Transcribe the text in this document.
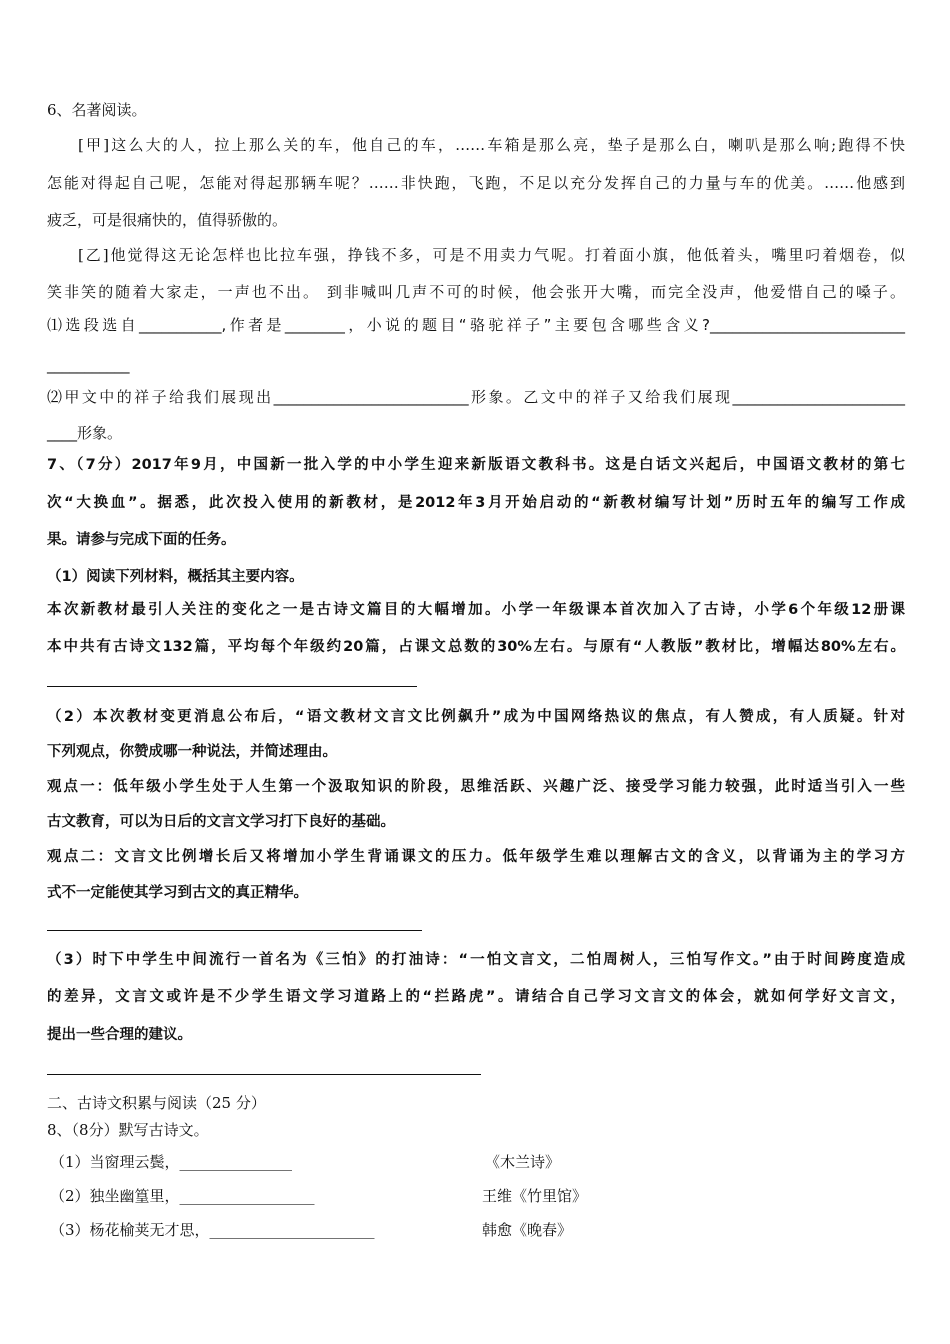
6、名著阅读。
[甲]这么大的人，拉上那么关的车，他自己的车，……车箱是那么亮，垫子是那么白，喇叭是那么响;跑得不快
怎能对得起自己呢，怎能对得起那辆车呢？……非快跑，飞跑，不足以充分发挥自己的力量与车的优美。……他感到
疲乏，可是很痛快的，值得骄傲的。
[乙]他觉得这无论怎样也比拉车强，挣钱不多，可是不用卖力气呢。打着面小旗，他低着头，嘴里叼着烟卷，似
笑非笑的随着大家走，一声也不出。 到非喊叫几声不可的时候，他会张开大嘴，而完全没声，他爱惜自己的嗓子。
⑴选段选自___________,作者是________，小说的题目“骆驼祥子”主要包含哪些含义?__________________________
___________
⑵甲文中的祥子给我们展现出__________________________形象。乙文中的祥子又给我们展现_______________________
____形象。
7、（7分）2017年9月，中国新一批入学的中小学生迎来新版语文教科书。这是白话文兴起后，中国语文教材的第七
次“大换血”。据悉，此次投入使用的新教材，是2012年3月开始启动的“新教材编写计划”历时五年的编写工作成
果。请参与完成下面的任务。
（1）阅读下列材料，概括其主要内容。
本次新教材最引人关注的变化之一是古诗文篇目的大幅增加。小学一年级课本首次加入了古诗，小学6个年级12册课
本中共有古诗文132篇，平均每个年级约20篇，占课文总数的30%左右。与原有“人教版”教材比，增幅达80%左右。
（2）本次教材变更消息公布后，“语文教材文言文比例飙升”成为中国网络热议的焦点，有人赞成，有人质疑。针对
下列观点，你赞成哪一种说法，并简述理由。
观点一：低年级小学生处于人生第一个汲取知识的阶段，思维活跃、兴趣广泛、接受学习能力较强，此时适当引入一些
古文教育，可以为日后的文言文学习打下良好的基础。
观点二：文言文比例增长后又将增加小学生背诵课文的压力。低年级学生难以理解古文的含义，以背诵为主的学习方
式不一定能使其学习到古文的真正精华。
（3）时下中学生中间流行一首名为《三怕》的打油诗：“一怕文言文，二怕周树人，三怕写作文。”由于时间跨度造成
的差异，文言文或许是不少学生语文学习道路上的“拦路虎”。请结合自己学习文言文的体会，就如何学好文言文，
提出一些合理的建议。
二、古诗文积累与阅读（25 分）
8、（8分）默写古诗文。
（1）当窗理云鬓，_______________	《木兰诗》
（2）独坐幽篁里，__________________	王维《竹里馆》
（3）杨花榆荚无才思，______________________	韩愈《晚春》
